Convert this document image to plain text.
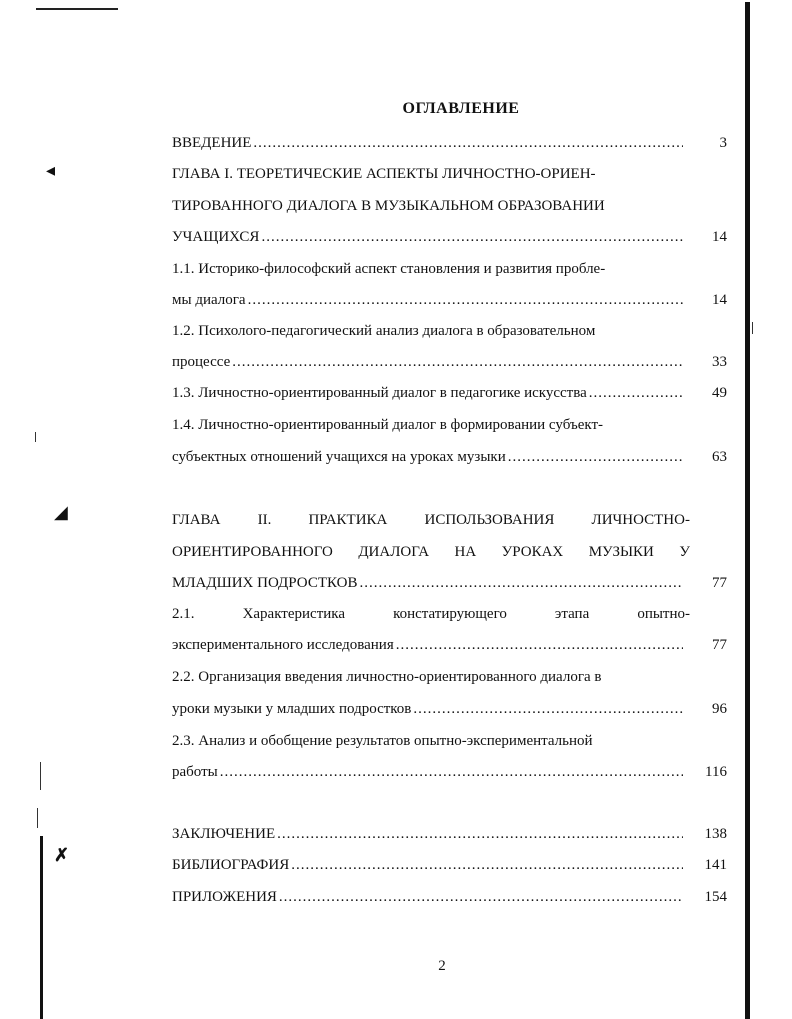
◂
◢
✗
ОГЛАВЛЕНИЕ
ВВЕДЕНИЕ .....	3
ГЛАВА I. ТЕОРЕТИЧЕСКИЕ АСПЕКТЫ ЛИЧНОСТНО-ОРИЕН-
ТИРОВАННОГО ДИАЛОГА В МУЗЫКАЛЬНОМ ОБРАЗОВАНИИ
УЧАЩИХСЯ .....	14
1.1. Историко-философский аспект становления и развития пробле-
мы диалога .....	14
1.2. Психолого-педагогический анализ диалога в образовательном
процессе .....	33
1.3. Личностно-ориентированный диалог в педагогике искусства .....	49
1.4. Личностно-ориентированный диалог в формировании субъект-
субъектных отношений учащихся на уроках музыки .....	63
ГЛАВА II. ПРАКТИКА ИСПОЛЬЗОВАНИЯ ЛИЧНОСТНО-
ОРИЕНТИРОВАННОГО ДИАЛОГА НА УРОКАХ МУЗЫКИ У
МЛАДШИХ ПОДРОСТКОВ .....	77
2.1.	Характеристика	констатирующего	этапа	опытно-
экспериментального исследования .....	77
2.2. Организация введения личностно-ориентированного диалога в
уроки музыки у младших подростков .....	96
2.3. Анализ и обобщение результатов опытно-экспериментальной
работы .....	116
ЗАКЛЮЧЕНИЕ .....	138
БИБЛИОГРАФИЯ .....	141
ПРИЛОЖЕНИЯ .....	154
2
